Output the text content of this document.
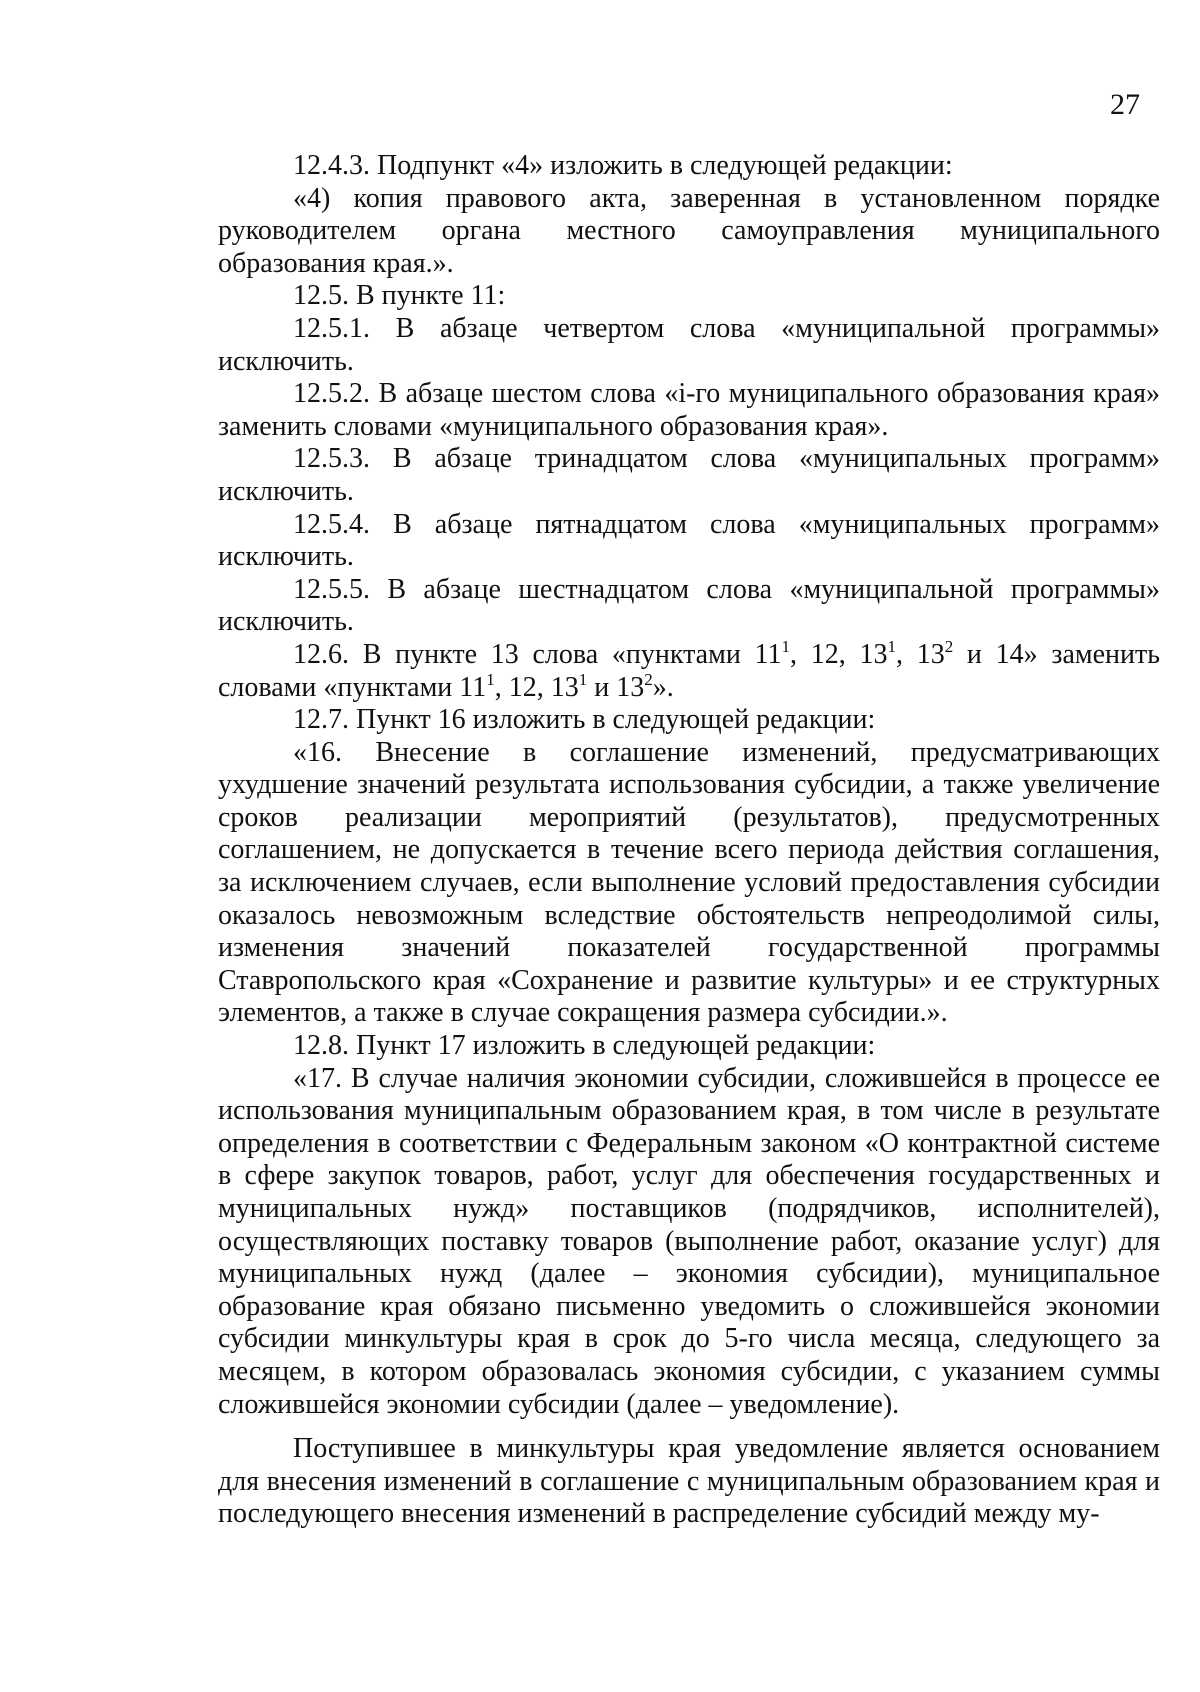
27

12.4.3. Подпункт «4» изложить в следующей редакции:

«4) копия правового акта, заверенная в установленном порядке руководителем органа местного самоуправления муниципального образования края.».

12.5. В пункте 11:

12.5.1. В абзаце четвертом слова «муниципальной программы» исключить.

12.5.2. В абзаце шестом слова «i-го муниципального образования края» заменить словами «муниципального образования края».

12.5.3. В абзаце тринадцатом слова «муниципальных программ» исключить.

12.5.4. В абзаце пятнадцатом слова «муниципальных программ» исключить.

12.5.5. В абзаце шестнадцатом слова «муниципальной программы» исключить.

12.6. В пункте 13 слова «пунктами $11^1$, 12, $13^1$, $13^2$ и 14» заменить словами «пунктами $11^1$, 12, $13^1$ и $13^2$».

12.7. Пункт 16 изложить в следующей редакции:

«16. Внесение в соглашение изменений, предусматривающих ухудшение значений результата использования субсидии, а также увеличение сроков реализации мероприятий (результатов), предусмотренных соглашением, не допускается в течение всего периода действия соглашения, за исключением случаев, если выполнение условий предоставления субсидии оказалось невозможным вследствие обстоятельств непреодолимой силы, изменения значений показателей государственной программы Ставропольского края «Сохранение и развитие культуры» и ее структурных элементов, а также в случае сокращения размера субсидии.».

12.8. Пункт 17 изложить в следующей редакции:

«17. В случае наличия экономии субсидии, сложившейся в процессе ее использования муниципальным образованием края, в том числе в результате определения в соответствии с Федеральным законом «О контрактной системе в сфере закупок товаров, работ, услуг для обеспечения государственных и муниципальных нужд» поставщиков (подрядчиков, исполнителей), осуществляющих поставку товаров (выполнение работ, оказание услуг) для муниципальных нужд (далее – экономия субсидии), муниципальное образование края обязано письменно уведомить о сложившейся экономии субсидии минкультуры края в срок до 5-го числа месяца, следующего за месяцем, в котором образовалась экономия субсидии, с указанием суммы сложившейся экономии субсидии (далее – уведомление).

Поступившее в минкультуры края уведомление является основанием для внесения изменений в соглашение с муниципальным образованием края и последующего внесения изменений в распределение субсидий между му-
